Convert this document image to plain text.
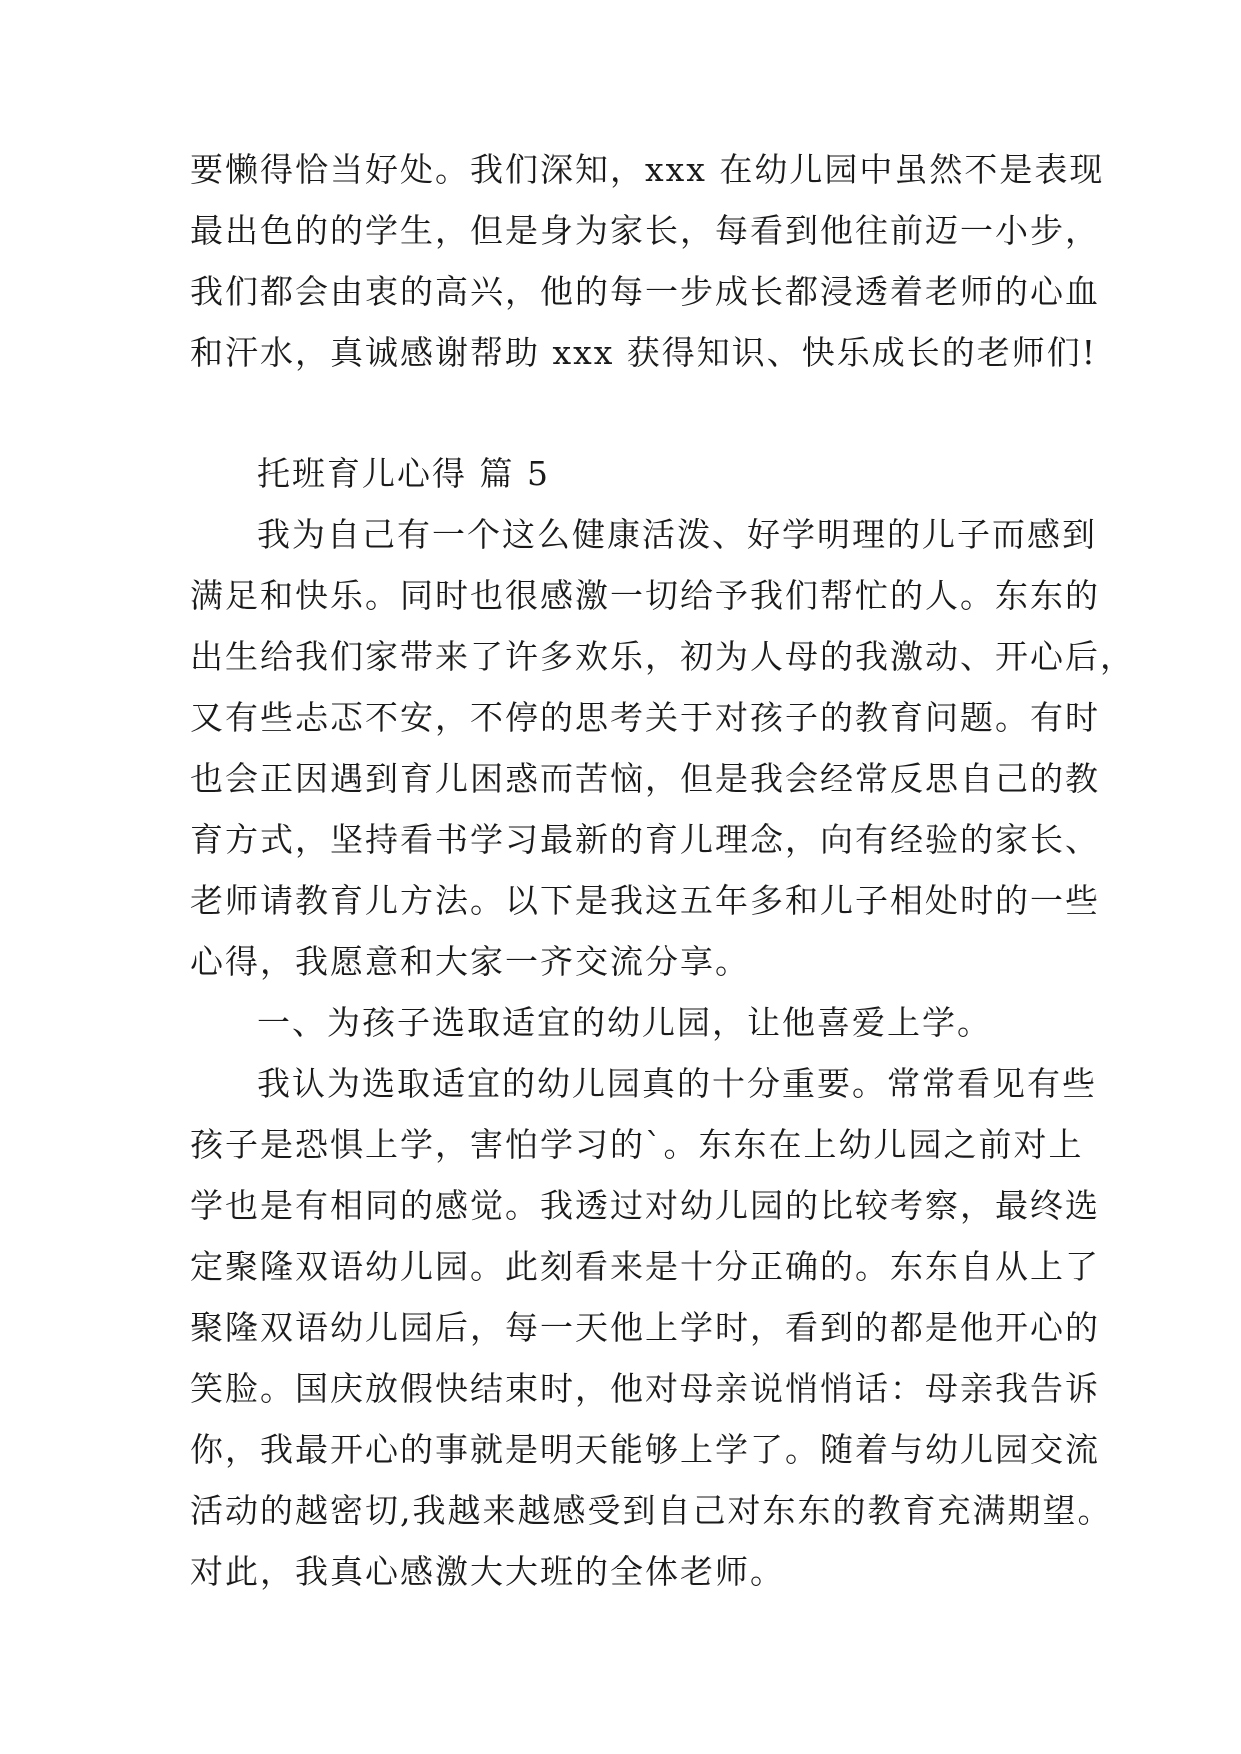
要懒得恰当好处。我们深知，xxx 在幼儿园中虽然不是表现

最出色的的学生，但是身为家长，每看到他往前迈一小步，

我们都会由衷的高兴，他的每一步成长都浸透着老师的心血

和汗水，真诚感谢帮助 xxx 获得知识、快乐成长的老师们!

托班育儿心得 篇 5

我为自己有一个这么健康活泼、好学明理的儿子而感到

满足和快乐。同时也很感激一切给予我们帮忙的人。东东的

出生给我们家带来了许多欢乐，初为人母的我激动、开心后，

又有些忐忑不安，不停的思考关于对孩子的教育问题。有时

也会正因遇到育儿困惑而苦恼，但是我会经常反思自己的教

育方式，坚持看书学习最新的育儿理念，向有经验的家长、

老师请教育儿方法。以下是我这五年多和儿子相处时的一些

心得，我愿意和大家一齐交流分享。

一、为孩子选取适宜的幼儿园，让他喜爱上学。

我认为选取适宜的幼儿园真的十分重要。常常看见有些

孩子是恐惧上学，害怕学习的`。东东在上幼儿园之前对上

学也是有相同的感觉。我透过对幼儿园的比较考察，最终选

定聚隆双语幼儿园。此刻看来是十分正确的。东东自从上了

聚隆双语幼儿园后，每一天他上学时，看到的都是他开心的

笑脸。国庆放假快结束时，他对母亲说悄悄话：母亲我告诉

你，我最开心的事就是明天能够上学了。随着与幼儿园交流

活动的越密切,我越来越感受到自己对东东的教育充满期望。

对此，我真心感激大大班的全体老师。
